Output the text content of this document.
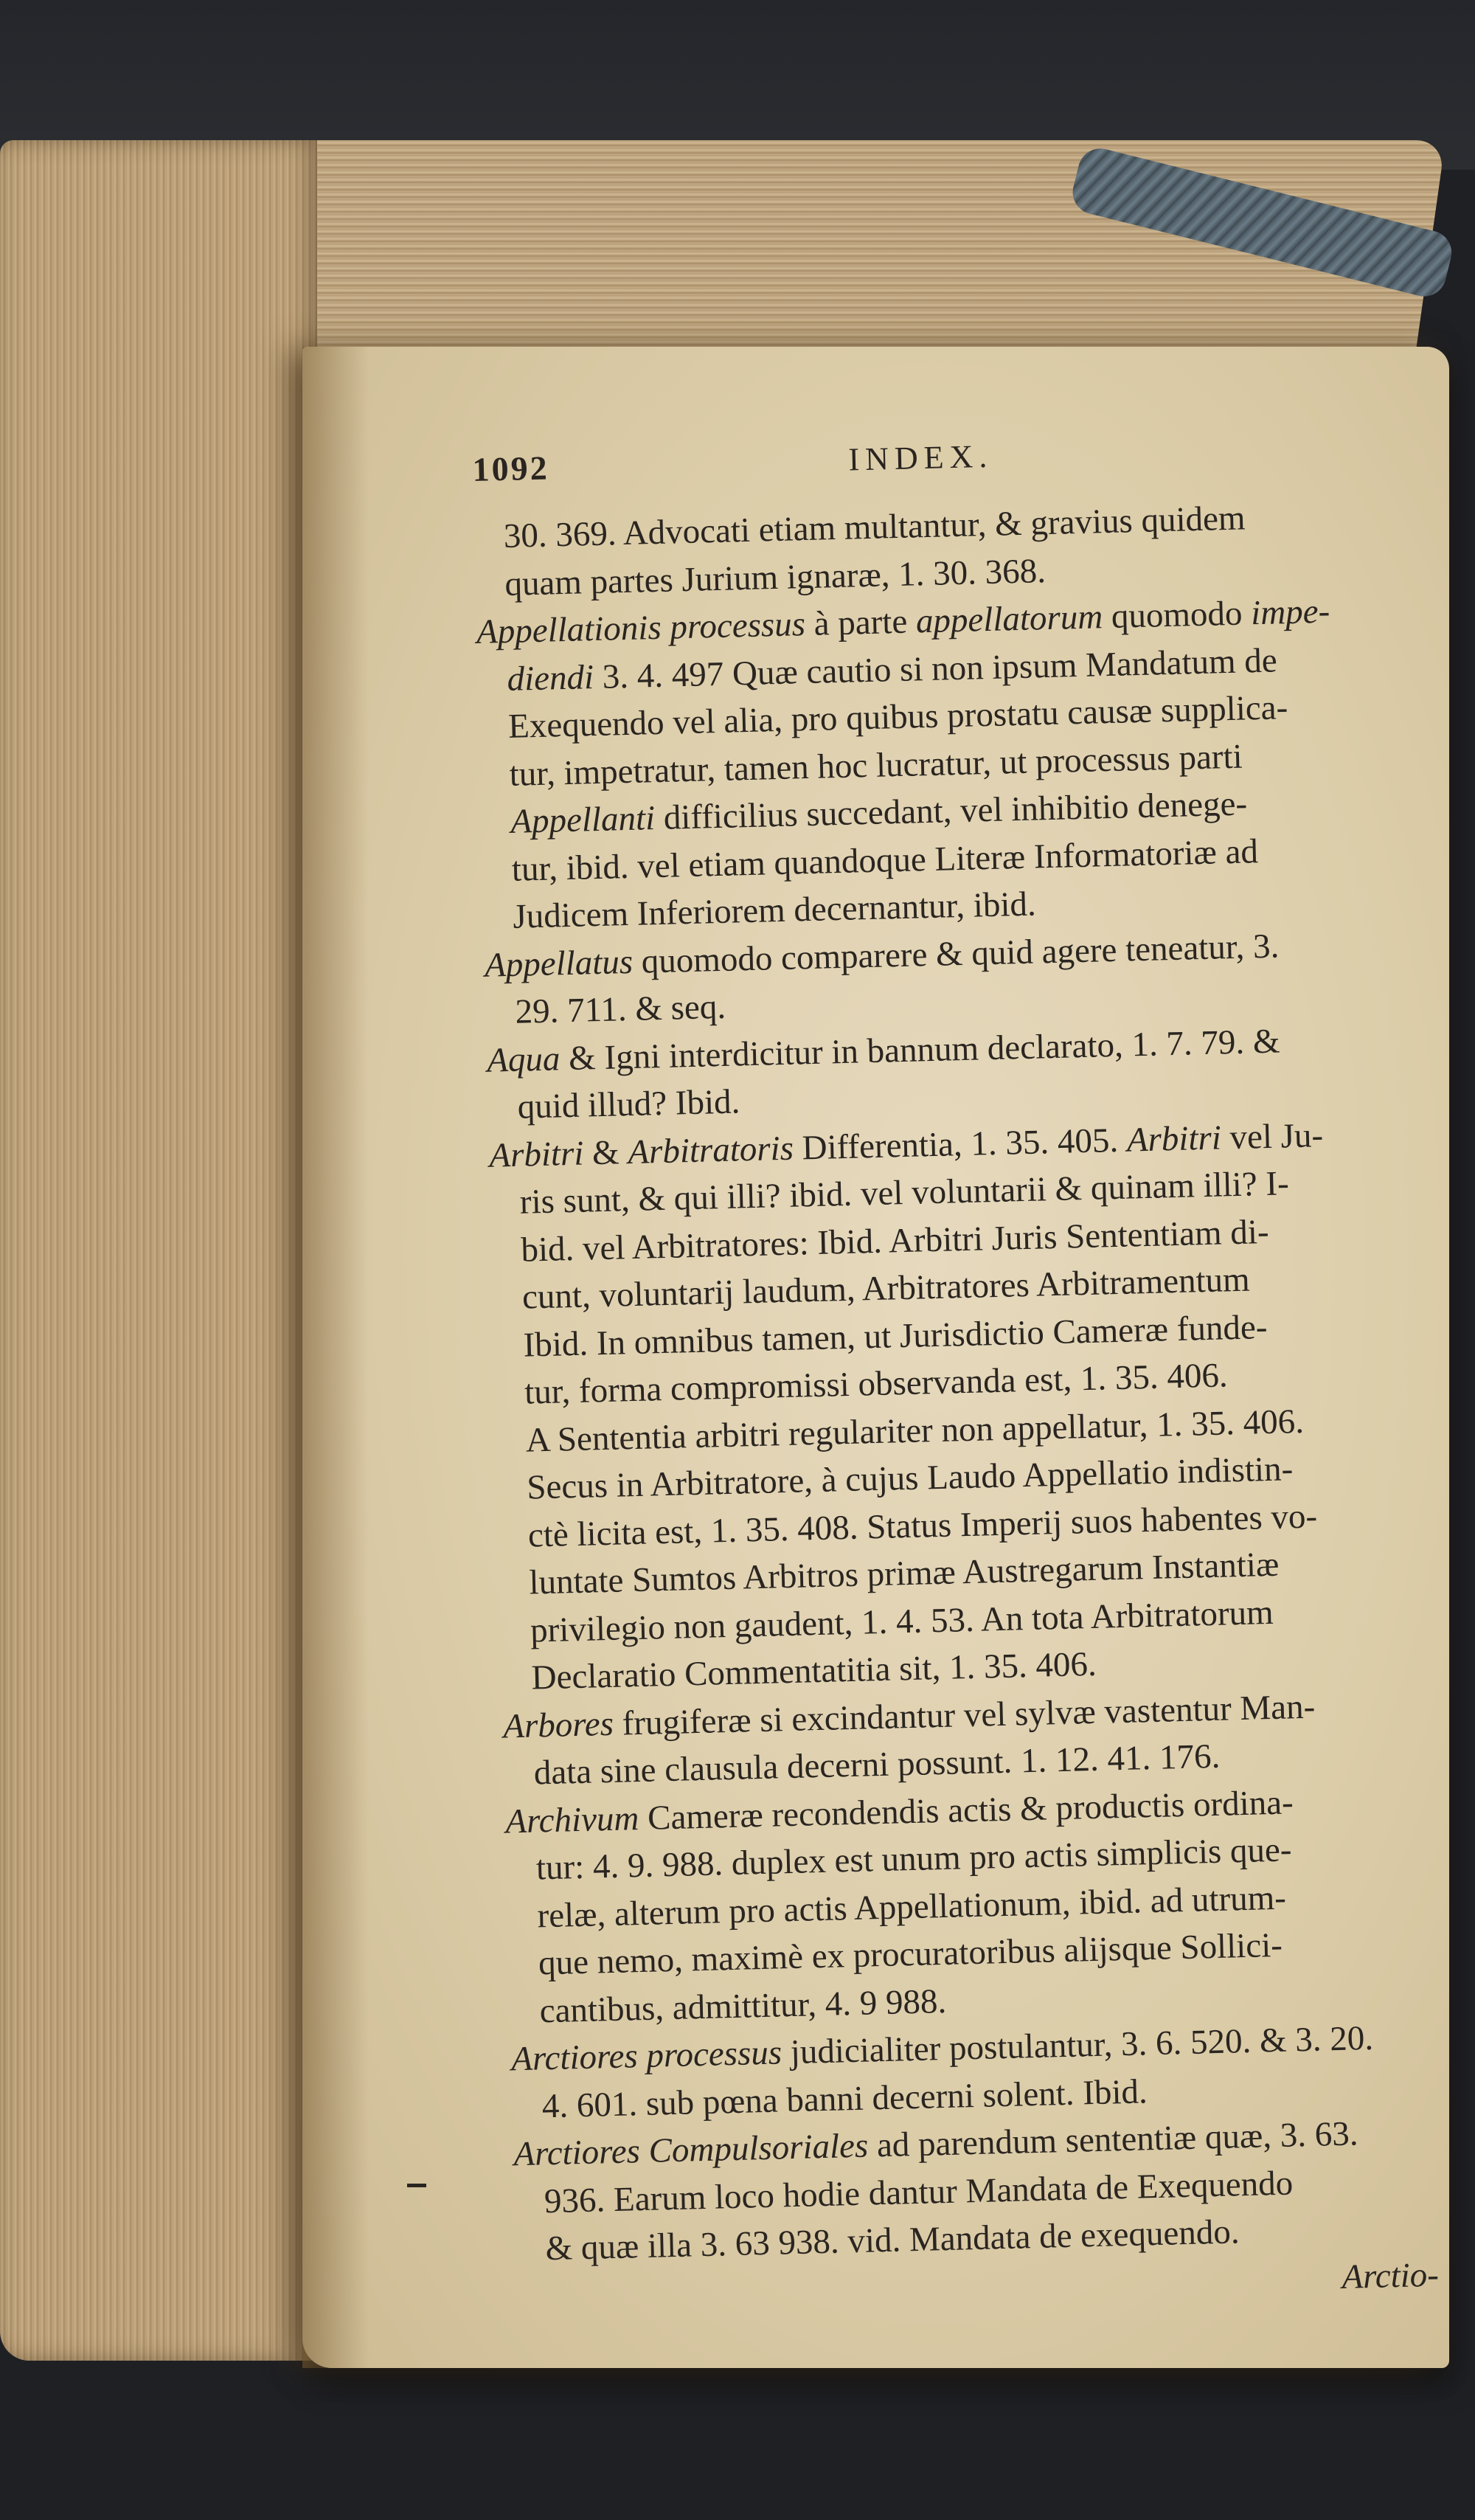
1092	INDEX.
30. 369. Advocati etiam multantur, & gravius quidem
quam partes Jurium ignaræ, 1. 30. 368.
Appellationis processus à parte appellatorum quomodo impe-
diendi 3. 4. 497 Quæ cautio si non ipsum Mandatum de
Exequendo vel alia, pro quibus prostatu causæ supplica-
tur, impetratur, tamen hoc lucratur, ut processus parti
Appellanti difficilius succedant, vel inhibitio denege-
tur, ibid. vel etiam quandoque Literæ Informatoriæ ad
Judicem Inferiorem decernantur, ibid.
Appellatus quomodo comparere & quid agere teneatur, 3.
29. 711. & seq.
Aqua & Igni interdicitur in bannum declarato, 1. 7. 79. &
quid illud? Ibid.
Arbitri & Arbitratoris Differentia, 1. 35. 405. Arbitri vel Ju-
ris sunt, & qui illi? ibid. vel voluntarii & quinam illi? I-
bid. vel Arbitratores: Ibid. Arbitri Juris Sententiam di-
cunt, voluntarij laudum, Arbitratores Arbitramentum
Ibid. In omnibus tamen, ut Jurisdictio Cameræ funde-
tur, forma compromissi observanda est, 1. 35. 406.
A Sententia arbitri regulariter non appellatur, 1. 35. 406.
Secus in Arbitratore, à cujus Laudo Appellatio indistin-
ctè licita est, 1. 35. 408. Status Imperij suos habentes vo-
luntate Sumtos Arbitros primæ Austregarum Instantiæ
privilegio non gaudent, 1. 4. 53. An tota Arbitratorum
Declaratio Commentatitia sit, 1. 35. 406.
Arbores frugiferæ si excindantur vel sylvæ vastentur Man-
data sine clausula decerni possunt. 1. 12. 41. 176.
Archivum Cameræ recondendis actis & productis ordina-
tur: 4. 9. 988. duplex est unum pro actis simplicis que-
relæ, alterum pro actis Appellationum, ibid. ad utrum-
que nemo, maximè ex procuratoribus alijsque Sollici-
cantibus, admittitur, 4. 9 988.
Arctiores processus judicialiter postulantur, 3. 6. 520. & 3. 20.
4. 601. sub pœna banni decerni solent. Ibid.
Arctiores Compulsoriales ad parendum sententiæ quæ, 3. 63.
936. Earum loco hodie dantur Mandata de Exequendo
& quæ illa 3. 63 938. vid. Mandata de exequendo.
Arctio-
